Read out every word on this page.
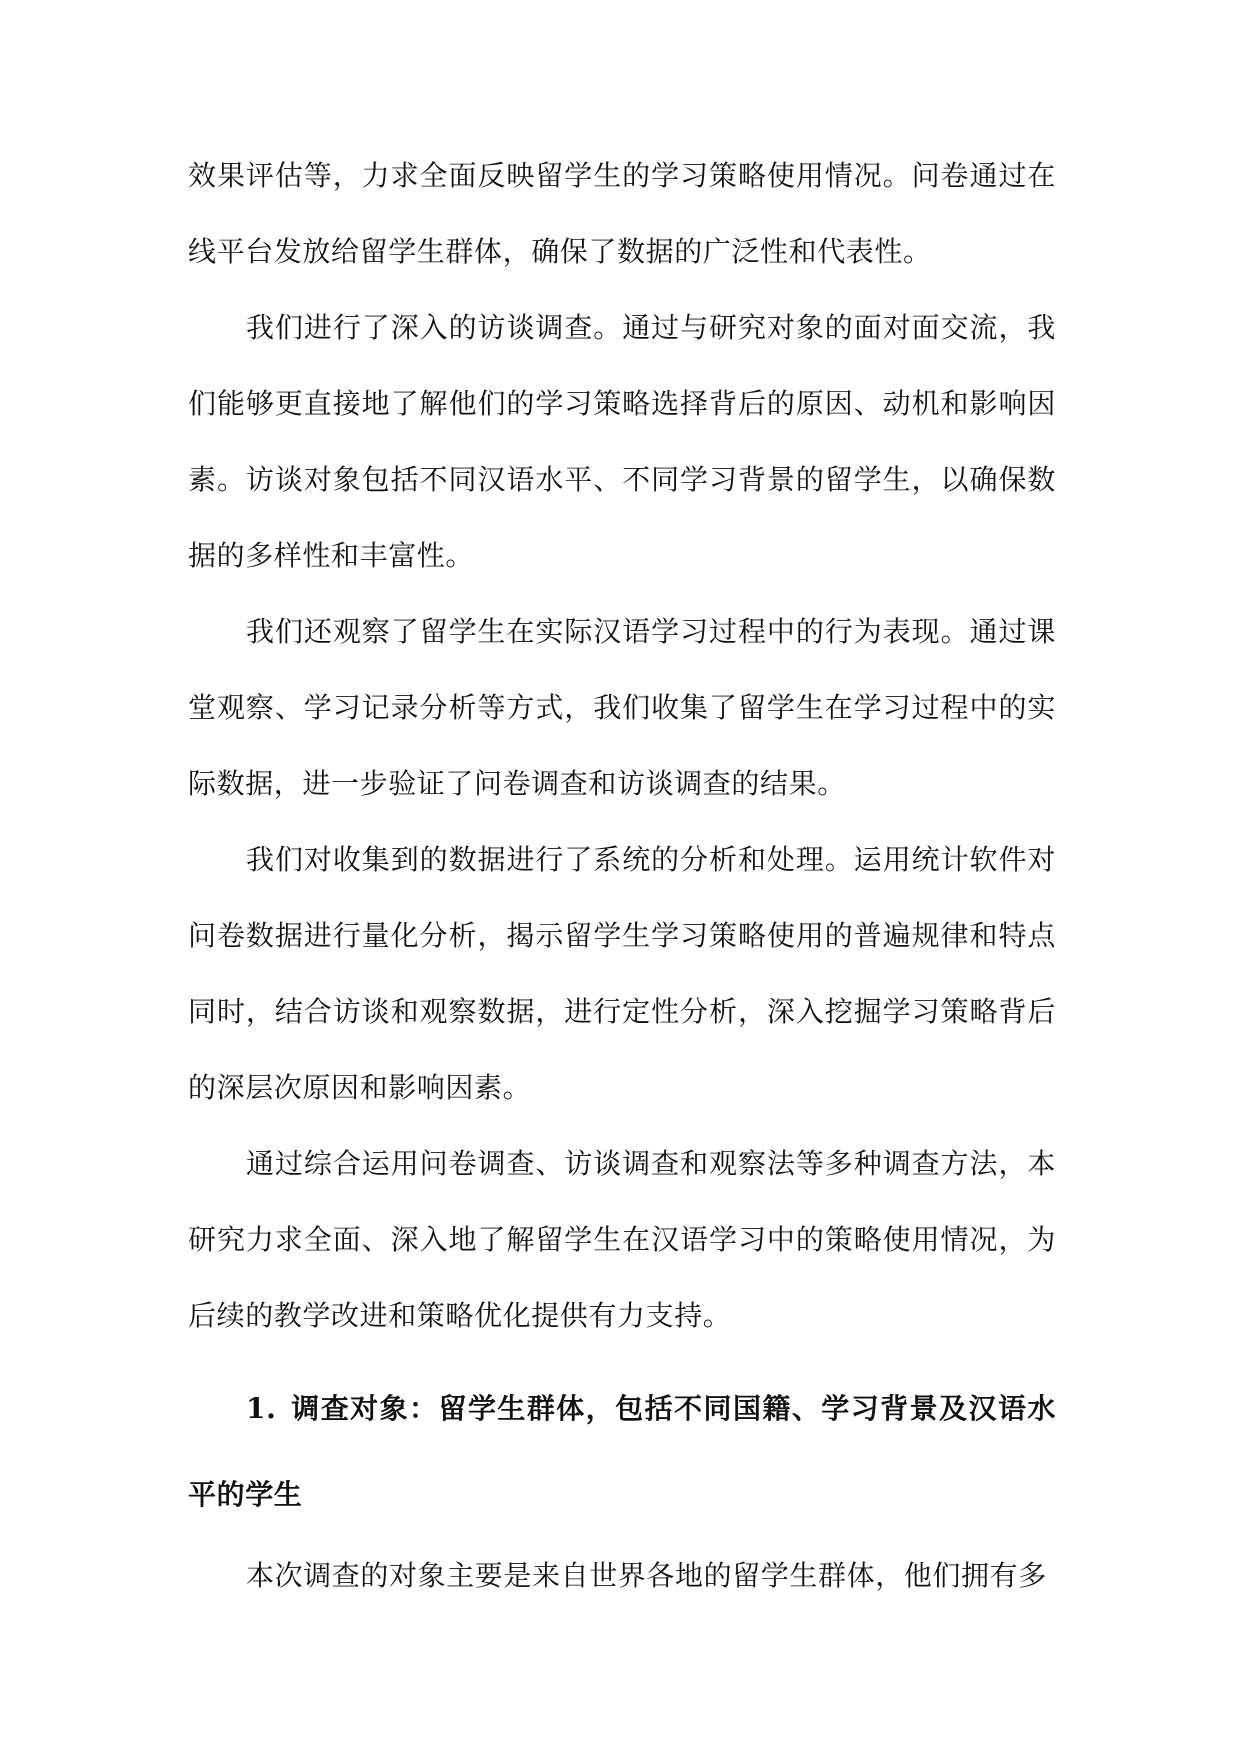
效果评估等，力求全面反映留学生的学习策略使用情况。问卷通过在线平台发放给留学生群体，确保了数据的广泛性和代表性。

我们进行了深入的访谈调查。通过与研究对象的面对面交流，我们能够更直接地了解他们的学习策略选择背后的原因、动机和影响因素。访谈对象包括不同汉语水平、不同学习背景的留学生，以确保数据的多样性和丰富性。

我们还观察了留学生在实际汉语学习过程中的行为表现。通过课堂观察、学习记录分析等方式，我们收集了留学生在学习过程中的实际数据，进一步验证了问卷调查和访谈调查的结果。

我们对收集到的数据进行了系统的分析和处理。运用统计软件对问卷数据进行量化分析，揭示留学生学习策略使用的普遍规律和特点同时，结合访谈和观察数据，进行定性分析，深入挖掘学习策略背后的深层次原因和影响因素。

通过综合运用问卷调查、访谈调查和观察法等多种调查方法，本研究力求全面、深入地了解留学生在汉语学习中的策略使用情况，为后续的教学改进和策略优化提供有力支持。

1. 调查对象：留学生群体，包括不同国籍、学习背景及汉语水平的学生

本次调查的对象主要是来自世界各地的留学生群体，他们拥有多
